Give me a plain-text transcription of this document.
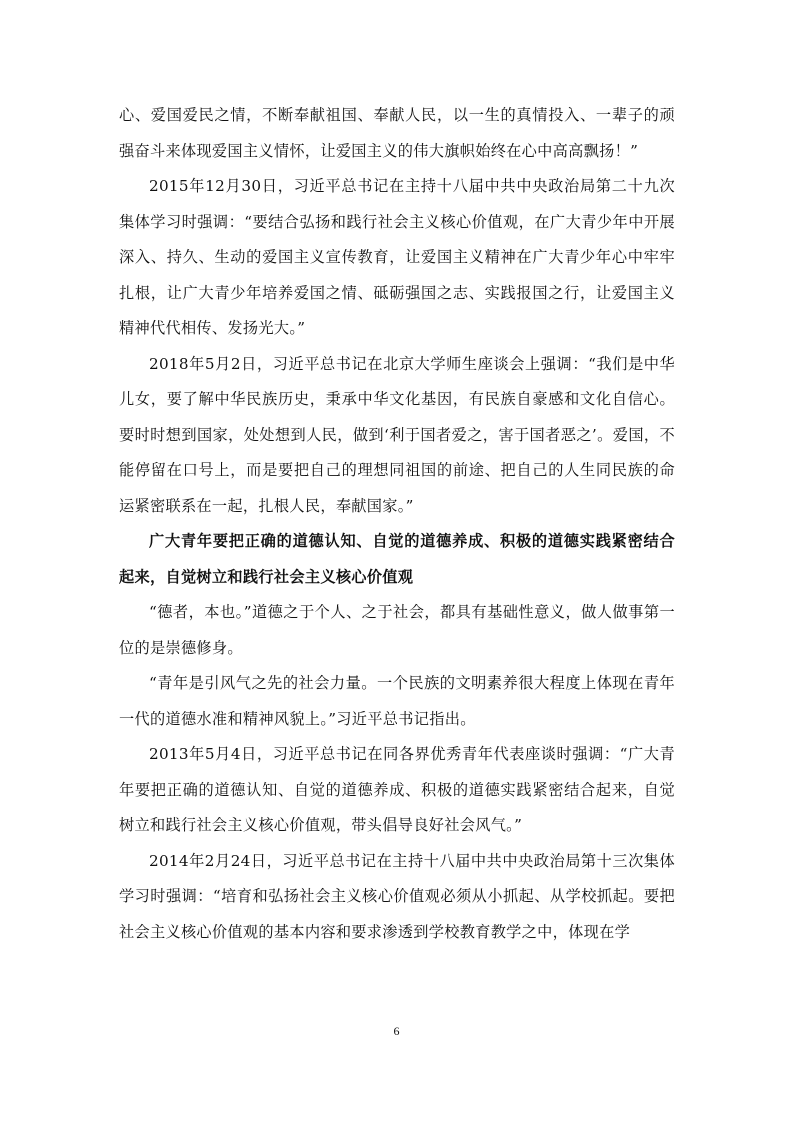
心、爱国爱民之情，不断奉献祖国、奉献人民，以一生的真情投入、一辈子的顽强奋斗来体现爱国主义情怀，让爱国主义的伟大旗帜始终在心中高高飘扬！”

2015年12月30日，习近平总书记在主持十八届中共中央政治局第二十九次集体学习时强调：“要结合弘扬和践行社会主义核心价值观，在广大青少年中开展深入、持久、生动的爱国主义宣传教育，让爱国主义精神在广大青少年心中牢牢扎根，让广大青少年培养爱国之情、砥砺强国之志、实践报国之行，让爱国主义精神代代相传、发扬光大。”

2018年5月2日，习近平总书记在北京大学师生座谈会上强调：“我们是中华儿女，要了解中华民族历史，秉承中华文化基因，有民族自豪感和文化自信心。要时时想到国家，处处想到人民，做到‘利于国者爱之，害于国者恶之’。爱国，不能停留在口号上，而是要把自己的理想同祖国的前途、把自己的人生同民族的命运紧密联系在一起，扎根人民，奉献国家。”

广大青年要把正确的道德认知、自觉的道德养成、积极的道德实践紧密结合起来，自觉树立和践行社会主义核心价值观

“德者，本也。”道德之于个人、之于社会，都具有基础性意义，做人做事第一位的是崇德修身。

“青年是引风气之先的社会力量。一个民族的文明素养很大程度上体现在青年一代的道德水准和精神风貌上。”习近平总书记指出。

2013年5月4日，习近平总书记在同各界优秀青年代表座谈时强调：“广大青年要把正确的道德认知、自觉的道德养成、积极的道德实践紧密结合起来，自觉树立和践行社会主义核心价值观，带头倡导良好社会风气。”

2014年2月24日，习近平总书记在主持十八届中共中央政治局第十三次集体学习时强调：“培育和弘扬社会主义核心价值观必须从小抓起、从学校抓起。要把社会主义核心价值观的基本内容和要求渗透到学校教育教学之中，体现在学

6
